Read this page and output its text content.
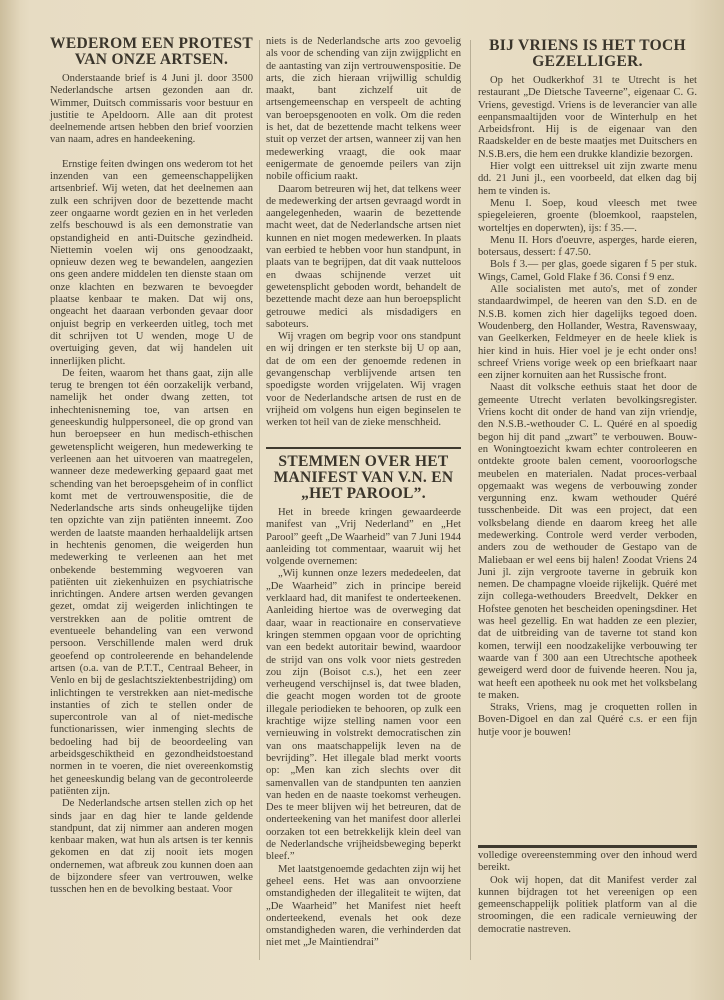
WEDEROM EEN PROTEST VAN ONZE ARTSEN.

Onderstaande brief is 4 Juni jl. door 3500 Nederlandsche artsen gezonden aan dr. Wimmer, Duitsch commissaris voor bestuur en justitie te Apeldoorn. Alle aan dit protest deelnemende artsen hebben den brief voorzien van naam, adres en handeekening.

Ernstige feiten dwingen ons wederom tot het inzenden van een gemeenschappelijken artsenbrief. Wij weten, dat het deelnemen aan zulk een schrijven door de bezettende macht zeer ongaarne wordt gezien en in het verleden zelfs beschouwd is als een demonstratie van opstandigheid en anti-Duitsche gezindheid. Niettemin voelen wij ons genoodzaakt, opnieuw dezen weg te bewandelen, aangezien ons geen andere middelen ten dienste staan om onze klachten en bezwaren te bevoegder plaatse kenbaar te maken. Dat wij ons, ongeacht het daaraan verbonden gevaar door onjuist begrip en verkeerden uitleg, toch met dit schrijven tot U wenden, moge U de overtuiging geven, dat wij handelen uit innerlijken plicht.

De feiten, waarom het thans gaat, zijn alle terug te brengen tot één oorzakelijk verband, namelijk het onder dwang zetten, tot inhechtenisneming toe, van artsen en geneeskundig hulppersoneel, die op grond van hun beroepseer en hun medisch-ethischen gewetensplicht weigeren, hun medewerking te verleenen aan het uitvoeren van maatregelen, wanneer deze medewerking gepaard gaat met schending van het beroepsgeheim of in conflict komt met de vertrouwenspositie, die de Nederlandsche arts sinds onheugelijke tijden ten opzichte van zijn patiënten inneemt. Zoo werden de laatste maanden herhaaldelijk artsen in hechtenis genomen, die weigerden hun medewerking te verleenen aan het met onbekende bestemming wegvoeren van patiënten uit ziekenhuizen en psychiatrische inrichtingen. Andere artsen werden gevangen gezet, omdat zij weigerden inlichtingen te verstrekken aan de politie omtrent de eventueele behandeling van een verwond persoon. Verschillende malen werd druk geoefend op controleerende en behandelende artsen (o.a. van de P.T.T., Centraal Beheer, in Venlo en bij de geslachtsziektenbestrijding) om inlichtingen te verstrekken aan niet-medische instanties of zich te stellen onder de supercontrole van al of niet-medische functionarissen, wier inmenging slechts de bedoeling had bij de beoordeeling van arbeidsgeschiktheid en gezondheidstoestand normen in te voeren, die niet overeenkomstig het geneeskundig belang van de gecontroleerde patiënten zijn.

De Nederlandsche artsen stellen zich op het sinds jaar en dag hier te lande geldende standpunt, dat zij nimmer aan anderen mogen kenbaar maken, wat hun als artsen is ter kennis gekomen en dat zij nooit iets mogen ondernemen, wat afbreuk zou kunnen doen aan de bijzondere sfeer van vertrouwen, welke tusschen hen en de bevolking bestaat. Voor

niets is de Nederlandsche arts zoo gevoelig als voor de schending van zijn zwijgplicht en de aantasting van zijn vertrouwenspositie. De arts, die zich hieraan vrijwillig schuldig maakt, bant zichzelf uit de artsengemeenschap en verspeelt de achting van beroepsgenooten en volk. Om die reden is het, dat de bezettende macht telkens weer stuit op verzet der artsen, wanneer zij van hen medewerking vraagt, die ook maar eenigermate de genoemde peilers van zijn nobile officium raakt.

Daarom betreuren wij het, dat telkens weer de medewerking der artsen gevraagd wordt in aangelegenheden, waarin de bezettende macht weet, dat de Nederlandsche artsen niet kunnen en niet mogen medewerken. In plaats van eerbied te hebben voor hun standpunt, in plaats van te begrijpen, dat dit vaak nutteloos en dwaas schijnende verzet uit gewetensplicht geboden wordt, behandelt de bezettende macht deze aan hun beroepsplicht getrouwe medici als misdadigers en saboteurs.

Wij vragen om begrip voor ons standpunt en wij dringen er ten sterkste bij U op aan, dat de om een der genoemde redenen in gevangenschap verblijvende artsen ten spoedigste worden vrijgelaten. Wij vragen voor de Nederlandsche artsen de rust en de vrijheid om volgens hun eigen beginselen te werken tot heil van de zieke menschheid.

STEMMEN OVER HET MANIFEST VAN V.N. EN „HET PAROOL”.

Het in breede kringen gewaardeerde manifest van „Vrij Nederland” en „Het Parool” geeft „De Waarheid” van 7 Juni 1944 aanleiding tot commentaar, waaruit wij het volgende overnemen:

„Wij kunnen onze lezers mededeelen, dat „De Waarheid” zich in principe bereid verklaard had, dit manifest te onderteekenen. Aanleiding hiertoe was de overweging dat daar, waar in reactionaire en conservatieve kringen stemmen opgaan voor de oprichting van een bedekt autoritair bewind, waardoor de strijd van ons volk voor niets gestreden zou zijn (Boisot c.s.), het een zeer verheugend verschijnsel is, dat twee bladen, die geacht mogen worden tot de groote illegale periodieken te behooren, op zulk een krachtige wijze stelling namen voor een vernieuwing in volstrekt democratischen zin van ons maatschappelijk leven na de bevrijding”. Het illegale blad merkt voorts op: „Men kan zich slechts over dit samenvallen van de standpunten ten aanzien van heden en de naaste toekomst verheugen. Des te meer blijven wij het betreuren, dat de onderteekening van het manifest door allerlei oorzaken tot een betrekkelijk klein deel van de Nederlandsche vrijheidsbeweging beperkt bleef.”

Met laatstgenoemde gedachten zijn wij het geheel eens. Het was aan onvoorziene omstandigheden der illegaliteit te wijten, dat „De Waarheid” het Manifest niet heeft onderteekend, evenals het ook deze omstandigheden waren, die verhinderden dat niet met „Je Maintiendrai”

BIJ VRIENS IS HET TOCH GEZELLIGER.

Op het Oudkerkhof 31 te Utrecht is het restaurant „De Dietsche Taveerne”, eigenaar C. G. Vriens, gevestigd. Vriens is de leverancier van alle eenpansmaaltijden voor de Winterhulp en het Arbeidsfront. Hij is de eigenaar van den Raadskelder en de beste maatjes met Duitschers en N.S.B.ers, die hem een drukke klandizie bezorgen.

Hier volgt een uittreksel uit zijn zwarte menu dd. 21 Juni jl., een voorbeeld, dat elken dag bij hem te vinden is.

Menu I. Soep, koud vleesch met twee spiegeleieren, groente (bloemkool, raapstelen, worteltjes en doperwten), ijs: f 35.—.

Menu II. Hors d'oeuvre, asperges, harde eieren, botersaus, dessert: f 47.50.

Bols f 3.— per glas, goede sigaren f 5 per stuk. Wings, Camel, Gold Flake f 36. Consi f 9 enz.

Alle socialisten met auto's, met of zonder standaardwimpel, de heeren van den S.D. en de N.S.B. komen zich hier dagelijks tegoed doen. Woudenberg, den Hollander, Westra, Ravenswaay, van Geelkerken, Feldmeyer en de heele kliek is hier kind in huis. Hier voel je je echt onder ons! schreef Vriens vorige week op een briefkaart naar een zijner kornuiten aan het Russische front.

Naast dit volksche eethuis staat het door de gemeente Utrecht verlaten bevolkingsregister. Vriens kocht dit onder de hand van zijn vriendje, den N.S.B.-wethouder C. L. Quéré en al spoedig begon hij dit pand „zwart” te verbouwen. Bouw- en Woningtoezicht kwam echter controleeren en ontdekte groote balen cement, vooroorlogsche meubelen en materialen. Nadat proces-verbaal opgemaakt was wegens de verbouwing zonder vergunning enz. kwam wethouder Quéré tusschenbeide. Dit was een project, dat een volksbelang diende en daarom kreeg het alle medewerking. Controle werd verder verboden, anders zou de wethouder de Gestapo van de Maliebaan er wel eens bij halen! Zoodat Vriens 24 Juni jl. zijn vergroote taverne in gebruik kon nemen. De champagne vloeide rijkelijk. Quéré met zijn collega-wethouders Breedvelt, Dekker en Hofstee genoten het bescheiden openingsdiner. Het was heel gezellig. En wat hadden ze een plezier, dat de uitbreiding van de taverne tot stand kon komen, terwijl een noodzakelijke verbouwing ter waarde van f 300 aan een Utrechtsche apotheek geweigerd werd door de fuivende heeren. Nou ja, wat heeft een apotheek nu ook met het volksbelang te maken.

Straks, Vriens, mag je croquetten rollen in Boven-Digoel en dan zal Quéré c.s. er een fijn hutje voor je bouwen!

volledige overeenstemming over den inhoud werd bereikt.

Ook wij hopen, dat dit Manifest verder zal kunnen bijdragen tot het vereenigen op een gemeenschappelijk politiek platform van al die stroomingen, die een radicale vernieuwing der democratie nastreven.
